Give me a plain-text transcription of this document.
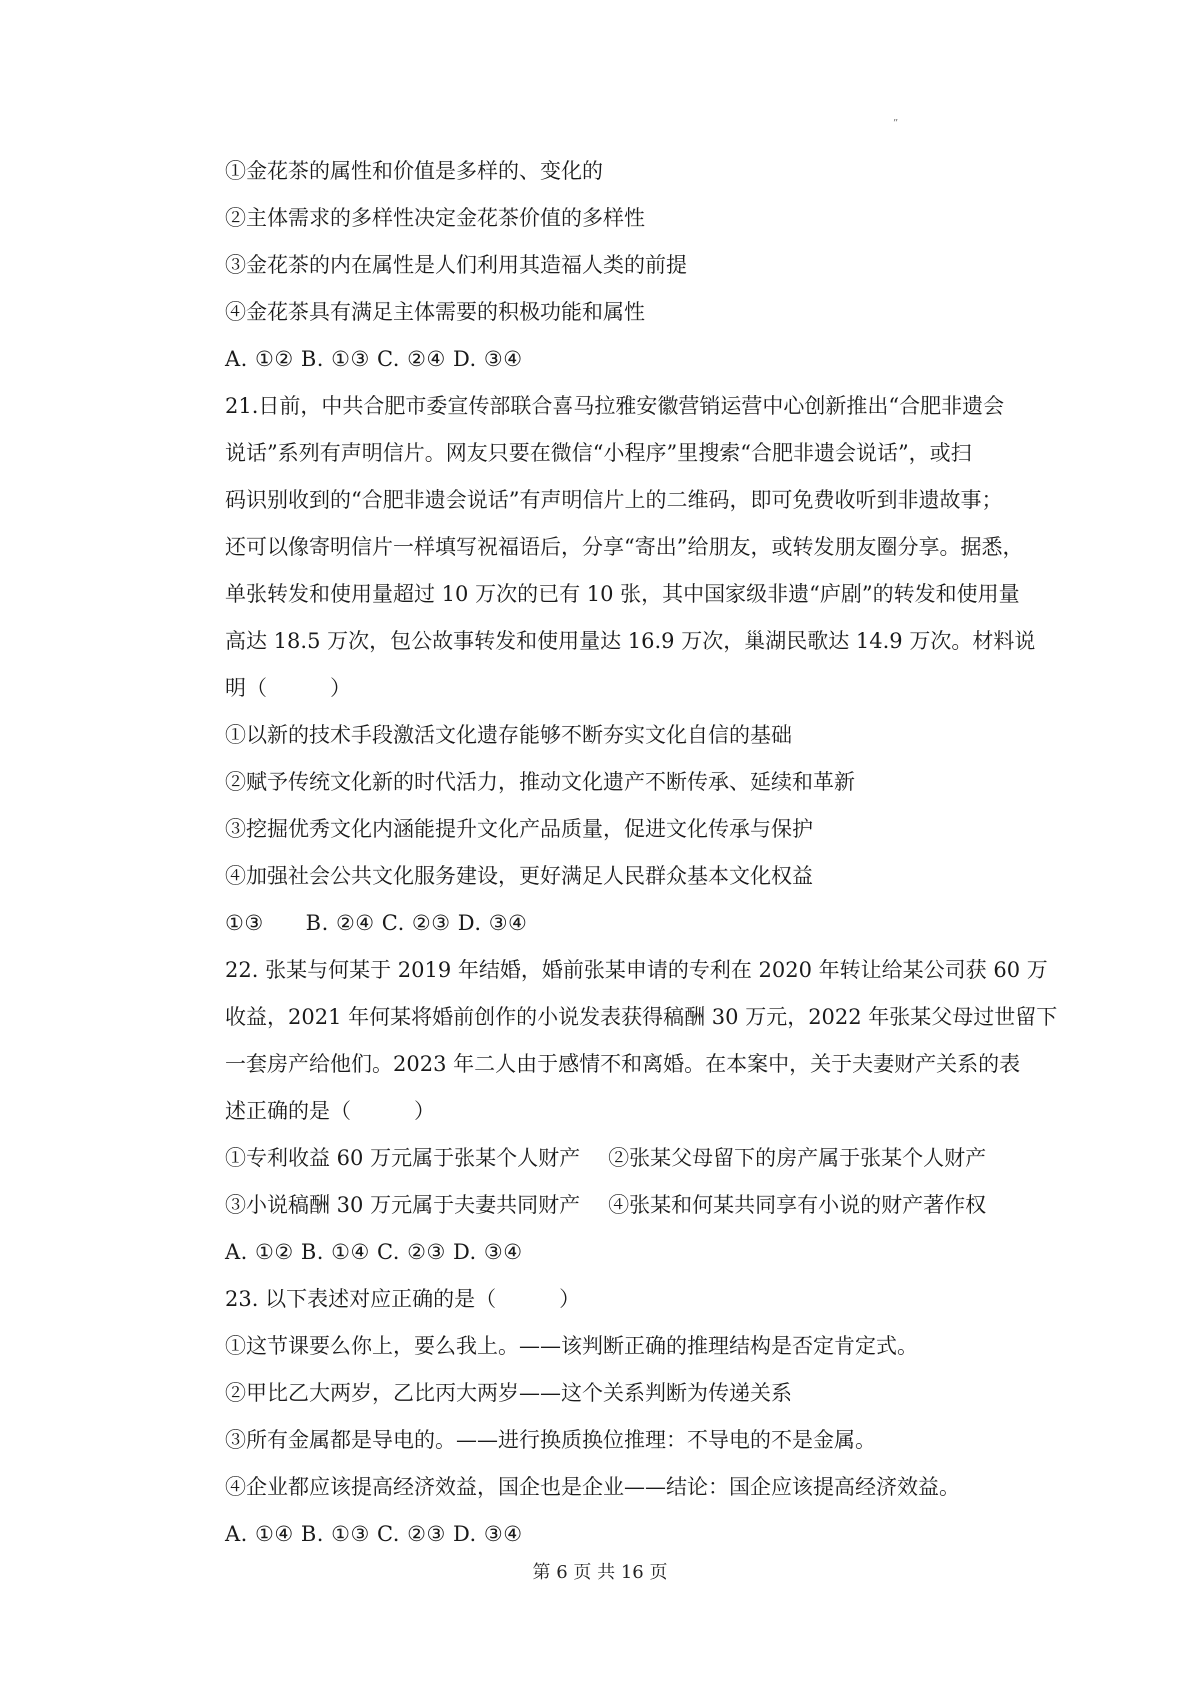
”
①金花茶的属性和价值是多样的、变化的
②主体需求的多样性决定金花茶价值的多样性
③金花茶的内在属性是人们利用其造福人类的前提
④金花茶具有满足主体需要的积极功能和属性
A. ①② B. ①③ C. ②④ D. ③④
21.日前，中共合肥市委宣传部联合喜马拉雅安徽营销运营中心创新推出“合肥非遗会
说话”系列有声明信片。网友只要在微信“小程序”里搜索“合肥非遗会说话”，或扫
码识别收到的“合肥非遗会说话”有声明信片上的二维码，即可免费收听到非遗故事；
还可以像寄明信片一样填写祝福语后，分享“寄出”给朋友，或转发朋友圈分享。据悉，
单张转发和使用量超过 10 万次的已有 10 张，其中国家级非遗“庐剧”的转发和使用量
高达 18.5 万次，包公故事转发和使用量达 16.9 万次，巢湖民歌达 14.9 万次。材料说
明（　　　）
①以新的技术手段激活文化遗存能够不断夯实文化自信的基础
②赋予传统文化新的时代活力，推动文化遗产不断传承、延续和革新
③挖掘优秀文化内涵能提升文化产品质量，促进文化传承与保护
④加强社会公共文化服务建设，更好满足人民群众基本文化权益
①③ B. ②④ C. ②③ D. ③④
22. 张某与何某于 2019 年结婚，婚前张某申请的专利在 2020 年转让给某公司获 60 万
收益，2021 年何某将婚前创作的小说发表获得稿酬 30 万元，2022 年张某父母过世留下
一套房产给他们。2023 年二人由于感情不和离婚。在本案中，关于夫妻财产关系的表
述正确的是（　　　）
①专利收益 60 万元属于张某个人财产 ②张某父母留下的房产属于张某个人财产
③小说稿酬 30 万元属于夫妻共同财产 ④张某和何某共同享有小说的财产著作权
A. ①② B. ①④ C. ②③ D. ③④
23. 以下表述对应正确的是（　　　）
①这节课要么你上，要么我上。——该判断正确的推理结构是否定肯定式。
②甲比乙大两岁，乙比丙大两岁——这个关系判断为传递关系
③所有金属都是导电的。——进行换质换位推理：不导电的不是金属。
④企业都应该提高经济效益，国企也是企业——结论：国企应该提高经济效益。
A. ①④ B. ①③ C. ②③ D. ③④
第 6 页 共 16 页
